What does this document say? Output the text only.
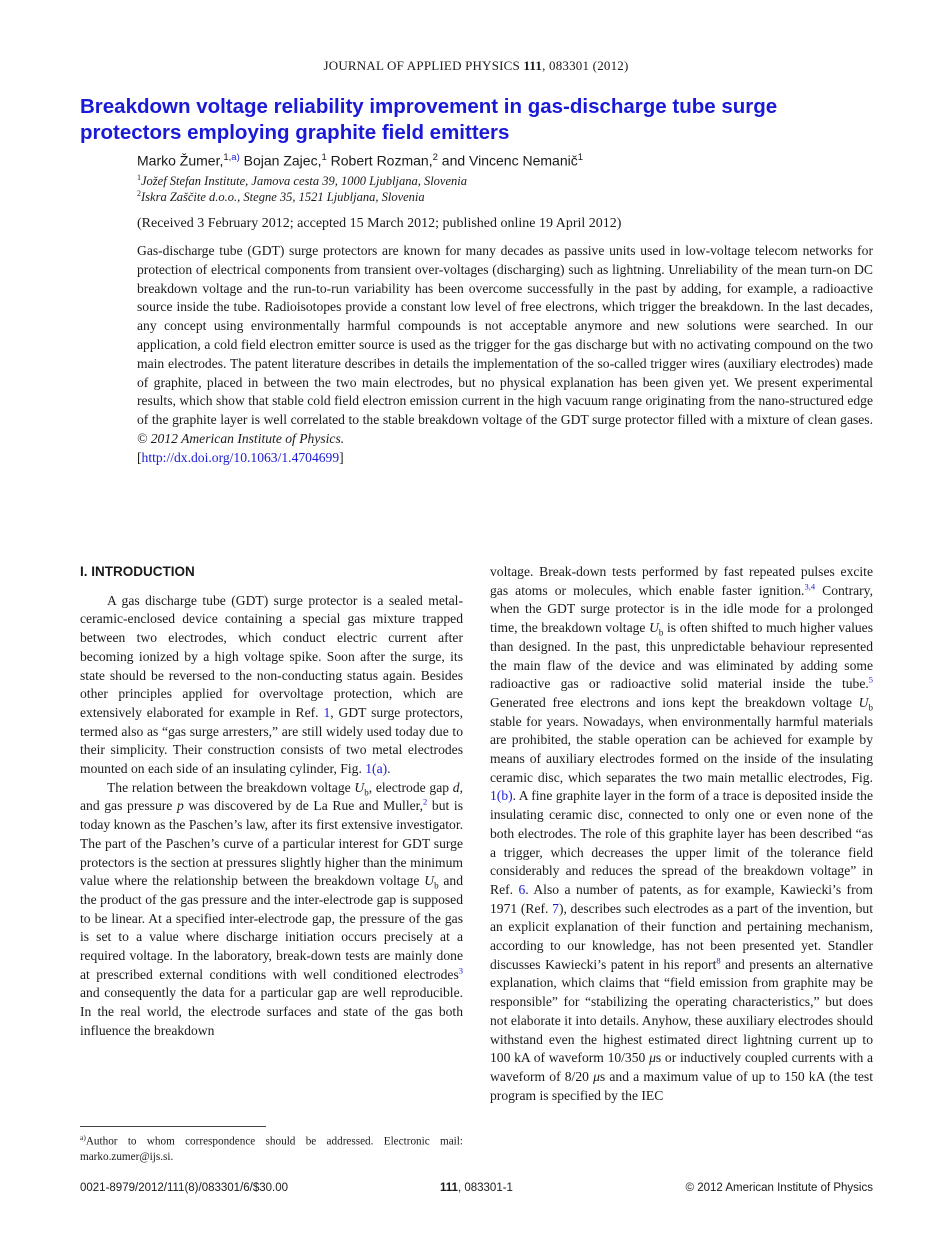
JOURNAL OF APPLIED PHYSICS 111, 083301 (2012)
Breakdown voltage reliability improvement in gas-discharge tube surge
protectors employing graphite field emitters
Marko Žumer,$^{1,a)}$ Bojan Zajec,$^1$ Robert Rozman,$^2$ and Vincenc Nemanič$^1$
$^1$Jožef Stefan Institute, Jamova cesta 39, 1000 Ljubljana, Slovenia
$^2$Iskra Zaščite d.o.o., Stegne 35, 1521 Ljubljana, Slovenia
(Received 3 February 2012; accepted 15 March 2012; published online 19 April 2012)
Gas-discharge tube (GDT) surge protectors are known for many decades as passive units used in low-voltage telecom networks for protection of electrical components from transient over-voltages (discharging) such as lightning. Unreliability of the mean turn-on DC breakdown voltage and the run-to-run variability has been overcome successfully in the past by adding, for example, a radioactive source inside the tube. Radioisotopes provide a constant low level of free electrons, which trigger the breakdown. In the last decades, any concept using environmentally harmful compounds is not acceptable anymore and new solutions were searched. In our application, a cold field electron emitter source is used as the trigger for the gas discharge but with no activating compound on the two main electrodes. The patent literature describes in details the implementation of the so-called trigger wires (auxiliary electrodes) made of graphite, placed in between the two main electrodes, but no physical explanation has been given yet. We present experimental results, which show that stable cold field electron emission current in the high vacuum range originating from the nano-structured edge of the graphite layer is well correlated to the stable breakdown voltage of the GDT surge protector filled with a mixture of clean gases. © 2012 American Institute of Physics.
[http://dx.doi.org/10.1063/1.4704699]
I. INTRODUCTION

A gas discharge tube (GDT) surge protector is a sealed metal-ceramic-enclosed device containing a special gas mixture trapped between two electrodes, which conduct electric current after becoming ionized by a high voltage spike. Soon after the surge, its state should be reversed to the non-conducting status again. Besides other principles applied for overvoltage protection, which are extensively elaborated for example in Ref. 1, GDT surge protectors, termed also as “gas surge arresters,” are still widely used today due to their simplicity. Their construction consists of two metal electrodes mounted on each side of an insulating cylinder, Fig. 1(a).

The relation between the breakdown voltage $U_b$, electrode gap d, and gas pressure p was discovered by de La Rue and Muller,$^2$ but is today known as the Paschen’s law, after its first extensive investigator. The part of the Paschen’s curve of a particular interest for GDT surge protectors is the section at pressures slightly higher than the minimum value where the relationship between the breakdown voltage $U_b$ and the product of the gas pressure and the inter-electrode gap is supposed to be linear. At a specified inter-electrode gap, the pressure of the gas is set to a value where discharge initiation occurs precisely at a required voltage. In the laboratory, break-down tests are mainly done at prescribed external conditions with well conditioned electrodes$^3$ and consequently the data for a particular gap are well reproducible. In the real world, the electrode surfaces and state of the gas both influence the breakdown

voltage. Break-down tests performed by fast repeated pulses excite gas atoms or molecules, which enable faster ignition.$^{3,4}$ Contrary, when the GDT surge protector is in the idle mode for a prolonged time, the breakdown voltage $U_b$ is often shifted to much higher values than designed. In the past, this unpredictable behaviour represented the main flaw of the device and was eliminated by adding some radioactive gas or radioactive solid material inside the tube.$^5$ Generated free electrons and ions kept the breakdown voltage $U_b$ stable for years. Nowadays, when environmentally harmful materials are prohibited, the stable operation can be achieved for example by means of auxiliary electrodes formed on the inside of the insulating ceramic disc, which separates the two main metallic electrodes, Fig. 1(b). A fine graphite layer in the form of a trace is deposited inside the insulating ceramic disc, connected to only one or even none of the both electrodes. The role of this graphite layer has been described “as a trigger, which decreases the upper limit of the tolerance field considerably and reduces the spread of the breakdown voltage” in Ref. 6. Also a number of patents, as for example, Kawiecki’s from 1971 (Ref. 7), describes such electrodes as a part of the invention, but an explicit explanation of their function and pertaining mechanism, according to our knowledge, has not been presented yet. Standler discusses Kawiecki’s patent in his report$^8$ and presents an alternative explanation, which claims that “field emission from graphite may be responsible” for “stabilizing the operating characteristics,” but does not elaborate it into details. Anyhow, these auxiliary electrodes should withstand even the highest estimated direct lightning current up to 100 kA of waveform 10/350 μs or inductively coupled currents with a waveform of 8/20 μs and a maximum value of up to 150 kA (the test program is specified by the IEC

$^{a)}$Author to whom correspondence should be addressed. Electronic mail: marko.zumer@ijs.si.
0021-8979/2012/111(8)/083301/6/$30.00	111, 083301-1	© 2012 American Institute of Physics
